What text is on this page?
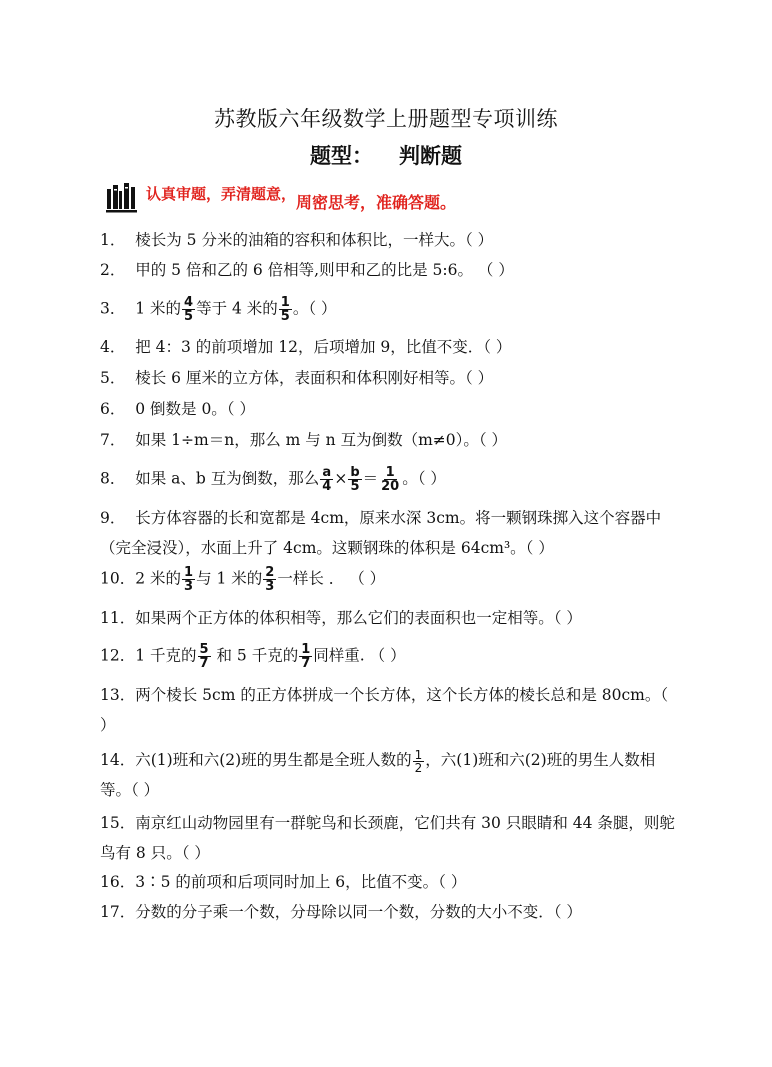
苏教版六年级数学上册题型专项训练
题型： 判断题
认真审题，弄清题意， 周密思考，准确答题。
1． 棱长为 5 分米的油箱的容积和体积比，一样大。（ ）
2． 甲的 5 倍和乙的 6 倍相等,则甲和乙的比是 5:6。 （ ）
3． 1 米的 $\frac{4}{5}$ 等于 4 米的 $\frac{1}{5}$ 。（ ）
4． 把 4：3 的前项增加 12，后项增加 9，比值不变．（ ）
5． 棱长 6 厘米的立方体，表面积和体积刚好相等。（ ）
6． 0 倒数是 0。（ ）
7． 如果 1÷m＝n，那么 m 与 n 互为倒数（m≠0）。（ ）
8． 如果 a、b 互为倒数，那么 $\frac{a}{4} \times \frac{b}{5} = \frac{1}{20}$ 。（ ）
9． 长方体容器的长和宽都是 4cm，原来水深 3cm。将一颗钢珠掷入这个容器中（完全浸没），水面上升了 4cm。这颗钢珠的体积是 64cm³。（ ）
10．2 米的 $\frac{1}{3}$ 与 1 米的 $\frac{2}{3}$ 一样长 ． （ ）
11．如果两个正方体的体积相等，那么它们的表面积也一定相等。（ ）
12．1 千克的 $\frac{5}{7}$ 和 5 千克的 $\frac{1}{7}$ 同样重. （ ）
13．两个棱长 5cm 的正方体拼成一个长方体，这个长方体的棱长总和是 80cm。（ ）
14．六(1)班和六(2)班的男生都是全班人数的 $\frac{1}{2}$ ，六(1)班和六(2)班的男生人数相等。（ ）
15．南京红山动物园里有一群鸵鸟和长颈鹿，它们共有 30 只眼睛和 44 条腿，则鸵鸟有 8 只。（ ）
16．3∶5 的前项和后项同时加上 6，比值不变。（ ）
17．分数的分子乘一个数，分母除以同一个数，分数的大小不变．（ ）
